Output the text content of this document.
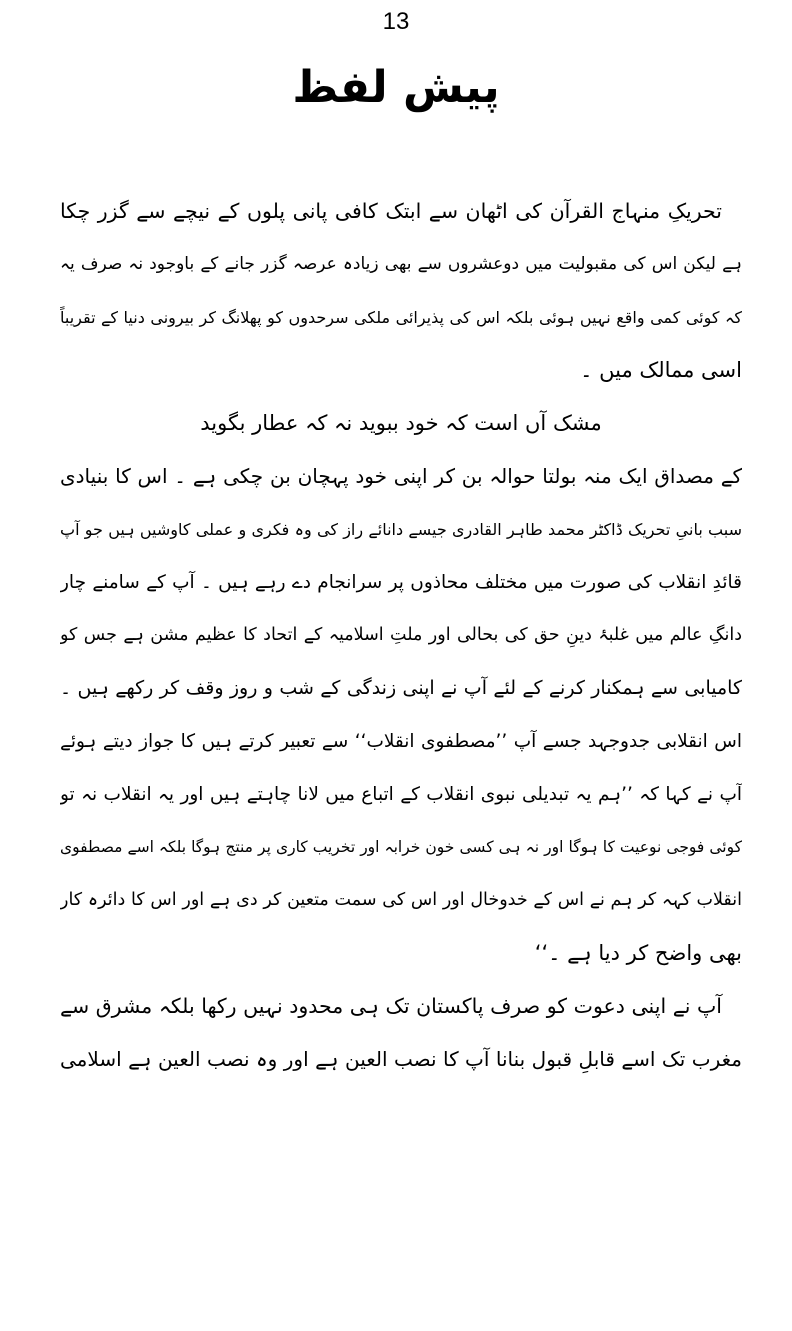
13
پیش لفظ
تحریکِ منہاج القرآن کی اٹھان سے ابتک کافی پانی پلوں کے نیچے سے گزر چکا
ہے لیکن اس کی مقبولیت میں دوعشروں سے بھی زیادہ عرصہ گزر جانے کے باوجود نہ صرف یہ
کہ کوئی کمی واقع نہیں ہوئی بلکہ اس کی پذیرائی ملکی سرحدوں کو پھلانگ کر بیرونی دنیا کے تقریباً
اسی ممالک میں ۔
مشک آں است کہ خود ببوید نہ کہ عطار بگوید
کے مصداق ایک منہ بولتا حوالہ بن کر اپنی خود پہچان بن چکی ہے ۔ اس کا بنیادی
سبب بانیِ تحریک ڈاکٹر محمد طاہر القادری جیسے دانائے راز کی وہ فکری و عملی کاوشیں ہیں جو آپ
قائدِ انقلاب کی صورت میں مختلف محاذوں پر سرانجام دے رہے ہیں ۔ آپ کے سامنے چار
دانگِ عالم میں غلبۂ دینِ حق کی بحالی اور ملتِ اسلامیہ کے اتحاد کا عظیم مشن ہے جس کو
کامیابی سے ہمکنار کرنے کے لئے آپ نے اپنی زندگی کے شب و روز وقف کر رکھے ہیں ۔
اس انقلابی جدوجہد جسے آپ ’’مصطفوی انقلاب‘‘ سے تعبیر کرتے ہیں کا جواز دیتے ہوئے
آپ نے کہا کہ ’’ہم یہ تبدیلی نبوی انقلاب کے اتباع میں لانا چاہتے ہیں اور یہ انقلاب نہ تو
کوئی فوجی نوعیت کا ہوگا اور نہ ہی کسی خون خرابہ اور تخریب کاری پر منتج ہوگا بلکہ اسے مصطفوی
انقلاب کہہ کر ہم نے اس کے خدوخال اور اس کی سمت متعین کر دی ہے اور اس کا دائرہ کار
بھی واضح کر دیا ہے ۔‘‘
آپ نے اپنی دعوت کو صرف پاکستان تک ہی محدود نہیں رکھا بلکہ مشرق سے
مغرب تک اسے قابلِ قبول بنانا آپ کا نصب العین ہے اور وہ نصب العین ہے اسلامی
